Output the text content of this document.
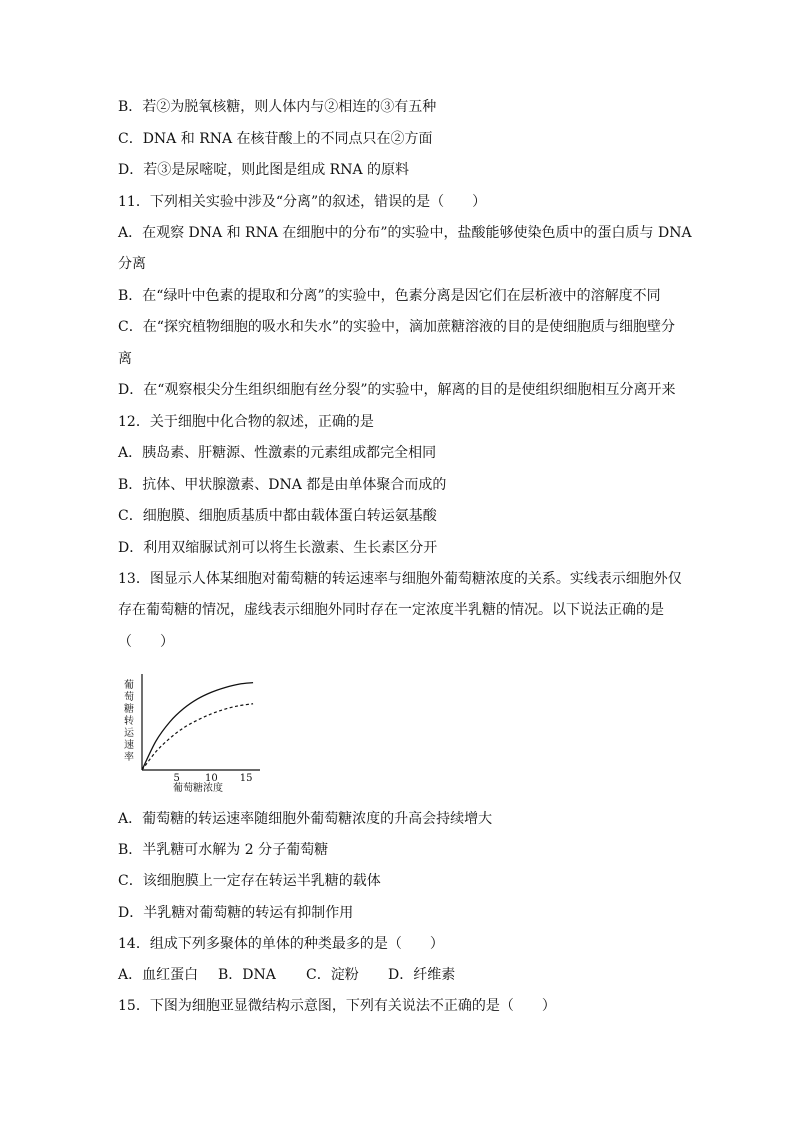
B．若②为脱氧核糖，则人体内与②相连的③有五种
C．DNA 和 RNA 在核苷酸上的不同点只在②方面
D．若③是尿嘧啶，则此图是组成 RNA 的原料
11．下列相关实验中涉及“分离”的叙述，错误的是（　　）
A．在观察 DNA 和 RNA 在细胞中的分布”的实验中，盐酸能够使染色质中的蛋白质与 DNA
分离
B．在“绿叶中色素的提取和分离”的实验中，色素分离是因它们在层析液中的溶解度不同
C．在“探究植物细胞的吸水和失水”的实验中，滴加蔗糖溶液的目的是使细胞质与细胞壁分
离
D．在“观察根尖分生组织细胞有丝分裂”的实验中，解离的目的是使组织细胞相互分离开来
12．关于细胞中化合物的叙述，正确的是
A．胰岛素、肝糖源、性激素的元素组成都完全相同
B．抗体、甲状腺激素、DNA 都是由单体聚合而成的
C．细胞膜、细胞质基质中都由载体蛋白转运氨基酸
D．利用双缩脲试剂可以将生长激素、生长素区分开
13．图显示人体某细胞对葡萄糖的转运速率与细胞外葡萄糖浓度的关系。实线表示细胞外仅
存在葡萄糖的情况，虚线表示细胞外同时存在一定浓度半乳糖的情况。以下说法正确的是
（　　）
葡萄糖转运速率
5	10 15
葡萄糖浓度
A．葡萄糖的转运速率随细胞外葡萄糖浓度的升高会持续增大
B．半乳糖可水解为 2 分子葡萄糖
C．该细胞膜上一定存在转运半乳糖的载体
D．半乳糖对葡萄糖的转运有抑制作用
14．组成下列多聚体的单体的种类最多的是（　　）
A．血红蛋白 B．DNA C．淀粉 D．纤维素
15．下图为细胞亚显微结构示意图，下列有关说法不正确的是（　　）
